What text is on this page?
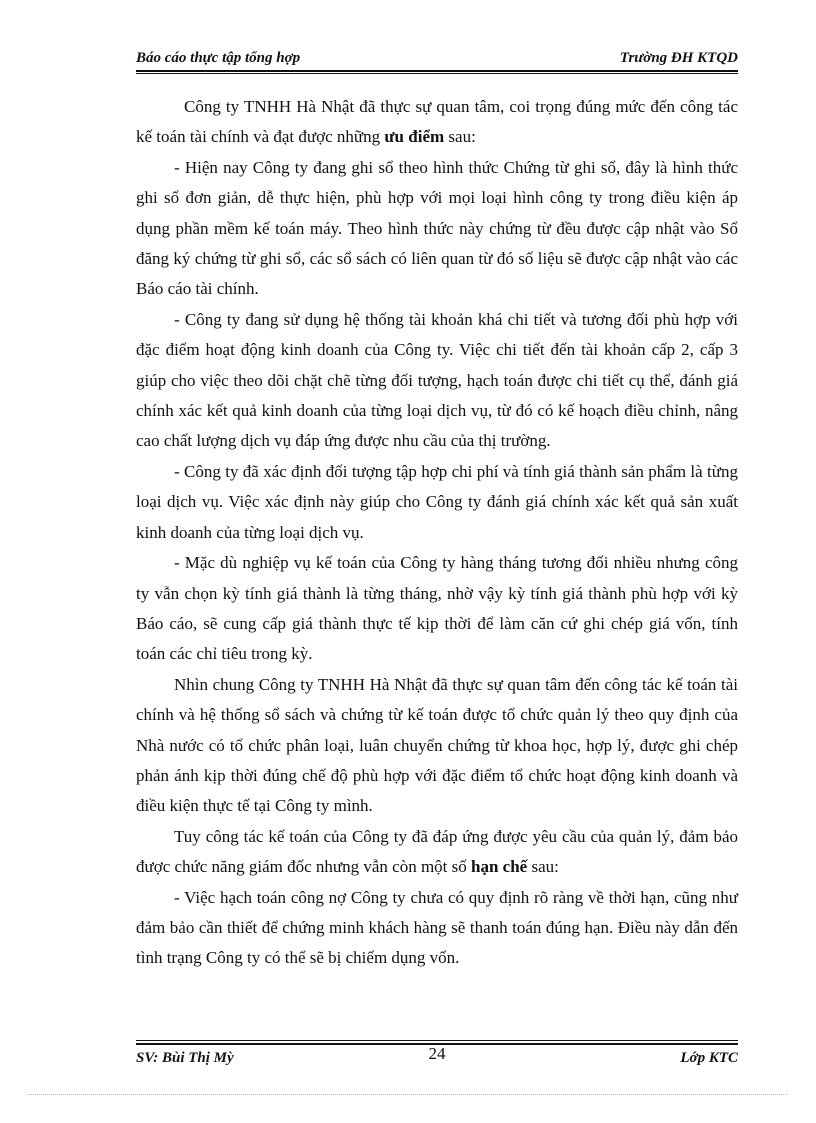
Báo cáo thực tập tổng hợp	Trường ĐH KTQD

Công ty TNHH Hà Nhật đã thực sự quan tâm, coi trọng đúng mức đến công tác kế toán tài chính và đạt được những ưu điểm sau:

- Hiện nay Công ty đang ghi sổ theo hình thức Chứng từ ghi sổ, đây là hình thức ghi sổ đơn giản, dễ thực hiện, phù hợp với mọi loại hình công ty trong điều kiện áp dụng phần mềm kế toán máy. Theo hình thức này chứng từ đều được cập nhật vào Sổ đăng ký chứng từ ghi sổ, các sổ sách có liên quan từ đó số liệu sẽ được cập nhật vào các Báo cáo tài chính.

- Công ty đang sử dụng hệ thống tài khoản khá chi tiết và tương đối phù hợp với đặc điểm hoạt động kinh doanh của Công ty. Việc chi tiết đến tài khoản cấp 2, cấp 3 giúp cho việc theo dõi chặt chẽ từng đối tượng, hạch toán được chi tiết cụ thể, đánh giá chính xác kết quả kinh doanh của từng loại dịch vụ, từ đó có kế hoạch điều chỉnh, nâng cao chất lượng dịch vụ đáp ứng được nhu cầu của thị trường.

- Công ty đã xác định đối tượng tập hợp chi phí và tính giá thành sản phẩm là từng loại dịch vụ. Việc xác định này giúp cho Công ty đánh giá chính xác kết quả sản xuất kinh doanh của từng loại dịch vụ.

- Mặc dù nghiệp vụ kế toán của Công ty hàng tháng tương đối nhiều nhưng công ty vẫn chọn kỳ tính giá thành là từng tháng, nhờ vậy kỳ tính giá thành phù hợp với kỳ Báo cáo, sẽ cung cấp giá thành thực tế kịp thời để làm căn cứ ghi chép giá vốn, tính toán các chỉ tiêu trong kỳ.

Nhìn chung Công ty TNHH Hà Nhật đã thực sự quan tâm đến công tác kế toán tài chính và hệ thống sổ sách và chứng từ kế toán được tổ chức quản lý theo quy định của Nhà nước có tổ chức phân loại, luân chuyển chứng từ khoa học, hợp lý, được ghi chép phản ánh kịp thời đúng chế độ phù hợp với đặc điểm tổ chức hoạt động kinh doanh và điều kiện thực tế tại Công ty mình.

Tuy công tác kế toán của Công ty đã đáp ứng được yêu cầu của quản lý, đảm bảo được chức năng giám đốc nhưng vẫn còn một số hạn chế sau:

- Việc hạch toán công nợ Công ty chưa có quy định rõ ràng về thời hạn, cũng như đảm bảo cần thiết để chứng minh khách hàng sẽ thanh toán đúng hạn. Điều này dẫn đến tình trạng Công ty có thể sẽ bị chiếm dụng vốn.

SV: Bùi Thị Mỳ	24	Lớp KTC
